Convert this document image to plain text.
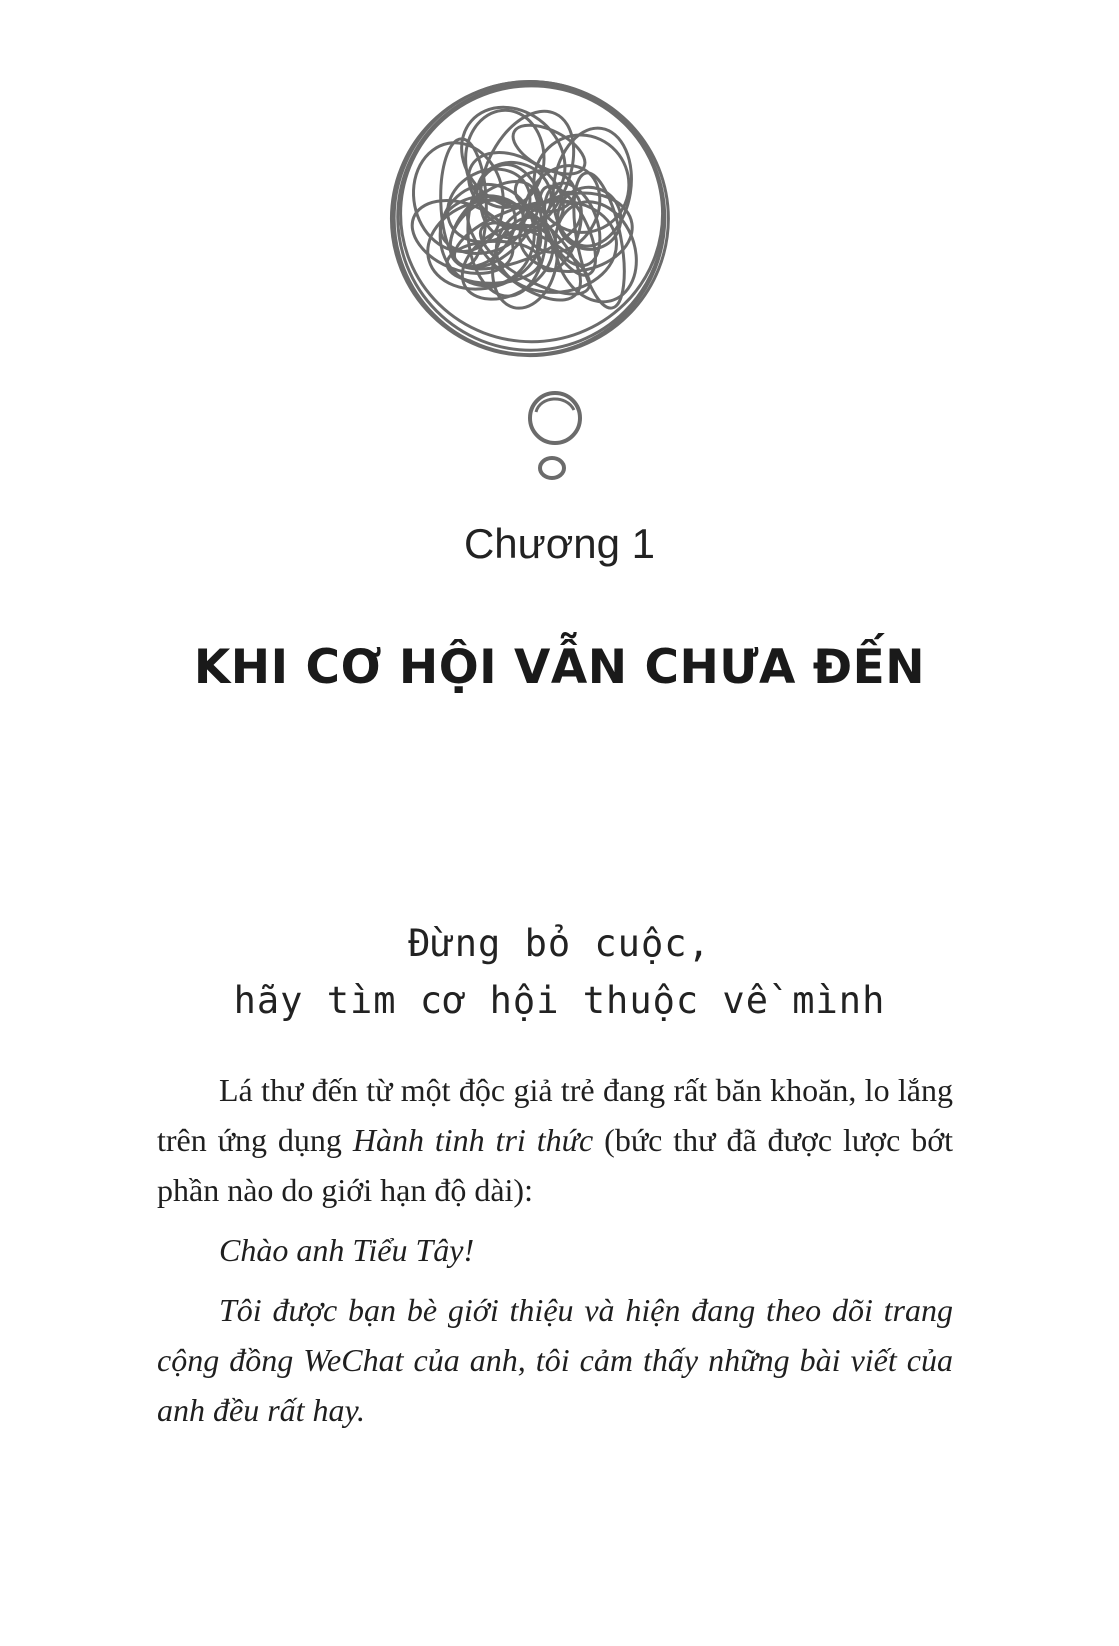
Chương 1
KHI CƠ HỘI VẪN CHƯA ĐẾN
Đừng bỏ cuộc,
hãy tìm cơ hội thuộc về mình

Lá thư đến từ một độc giả trẻ đang rất băn khoăn, lo lắng trên ứng dụng Hành tinh tri thức (bức thư đã được lược bớt phần nào do giới hạn độ dài):

Chào anh Tiểu Tây!

Tôi được bạn bè giới thiệu và hiện đang theo dõi trang cộng đồng WeChat của anh, tôi cảm thấy những bài viết của anh đều rất hay.
